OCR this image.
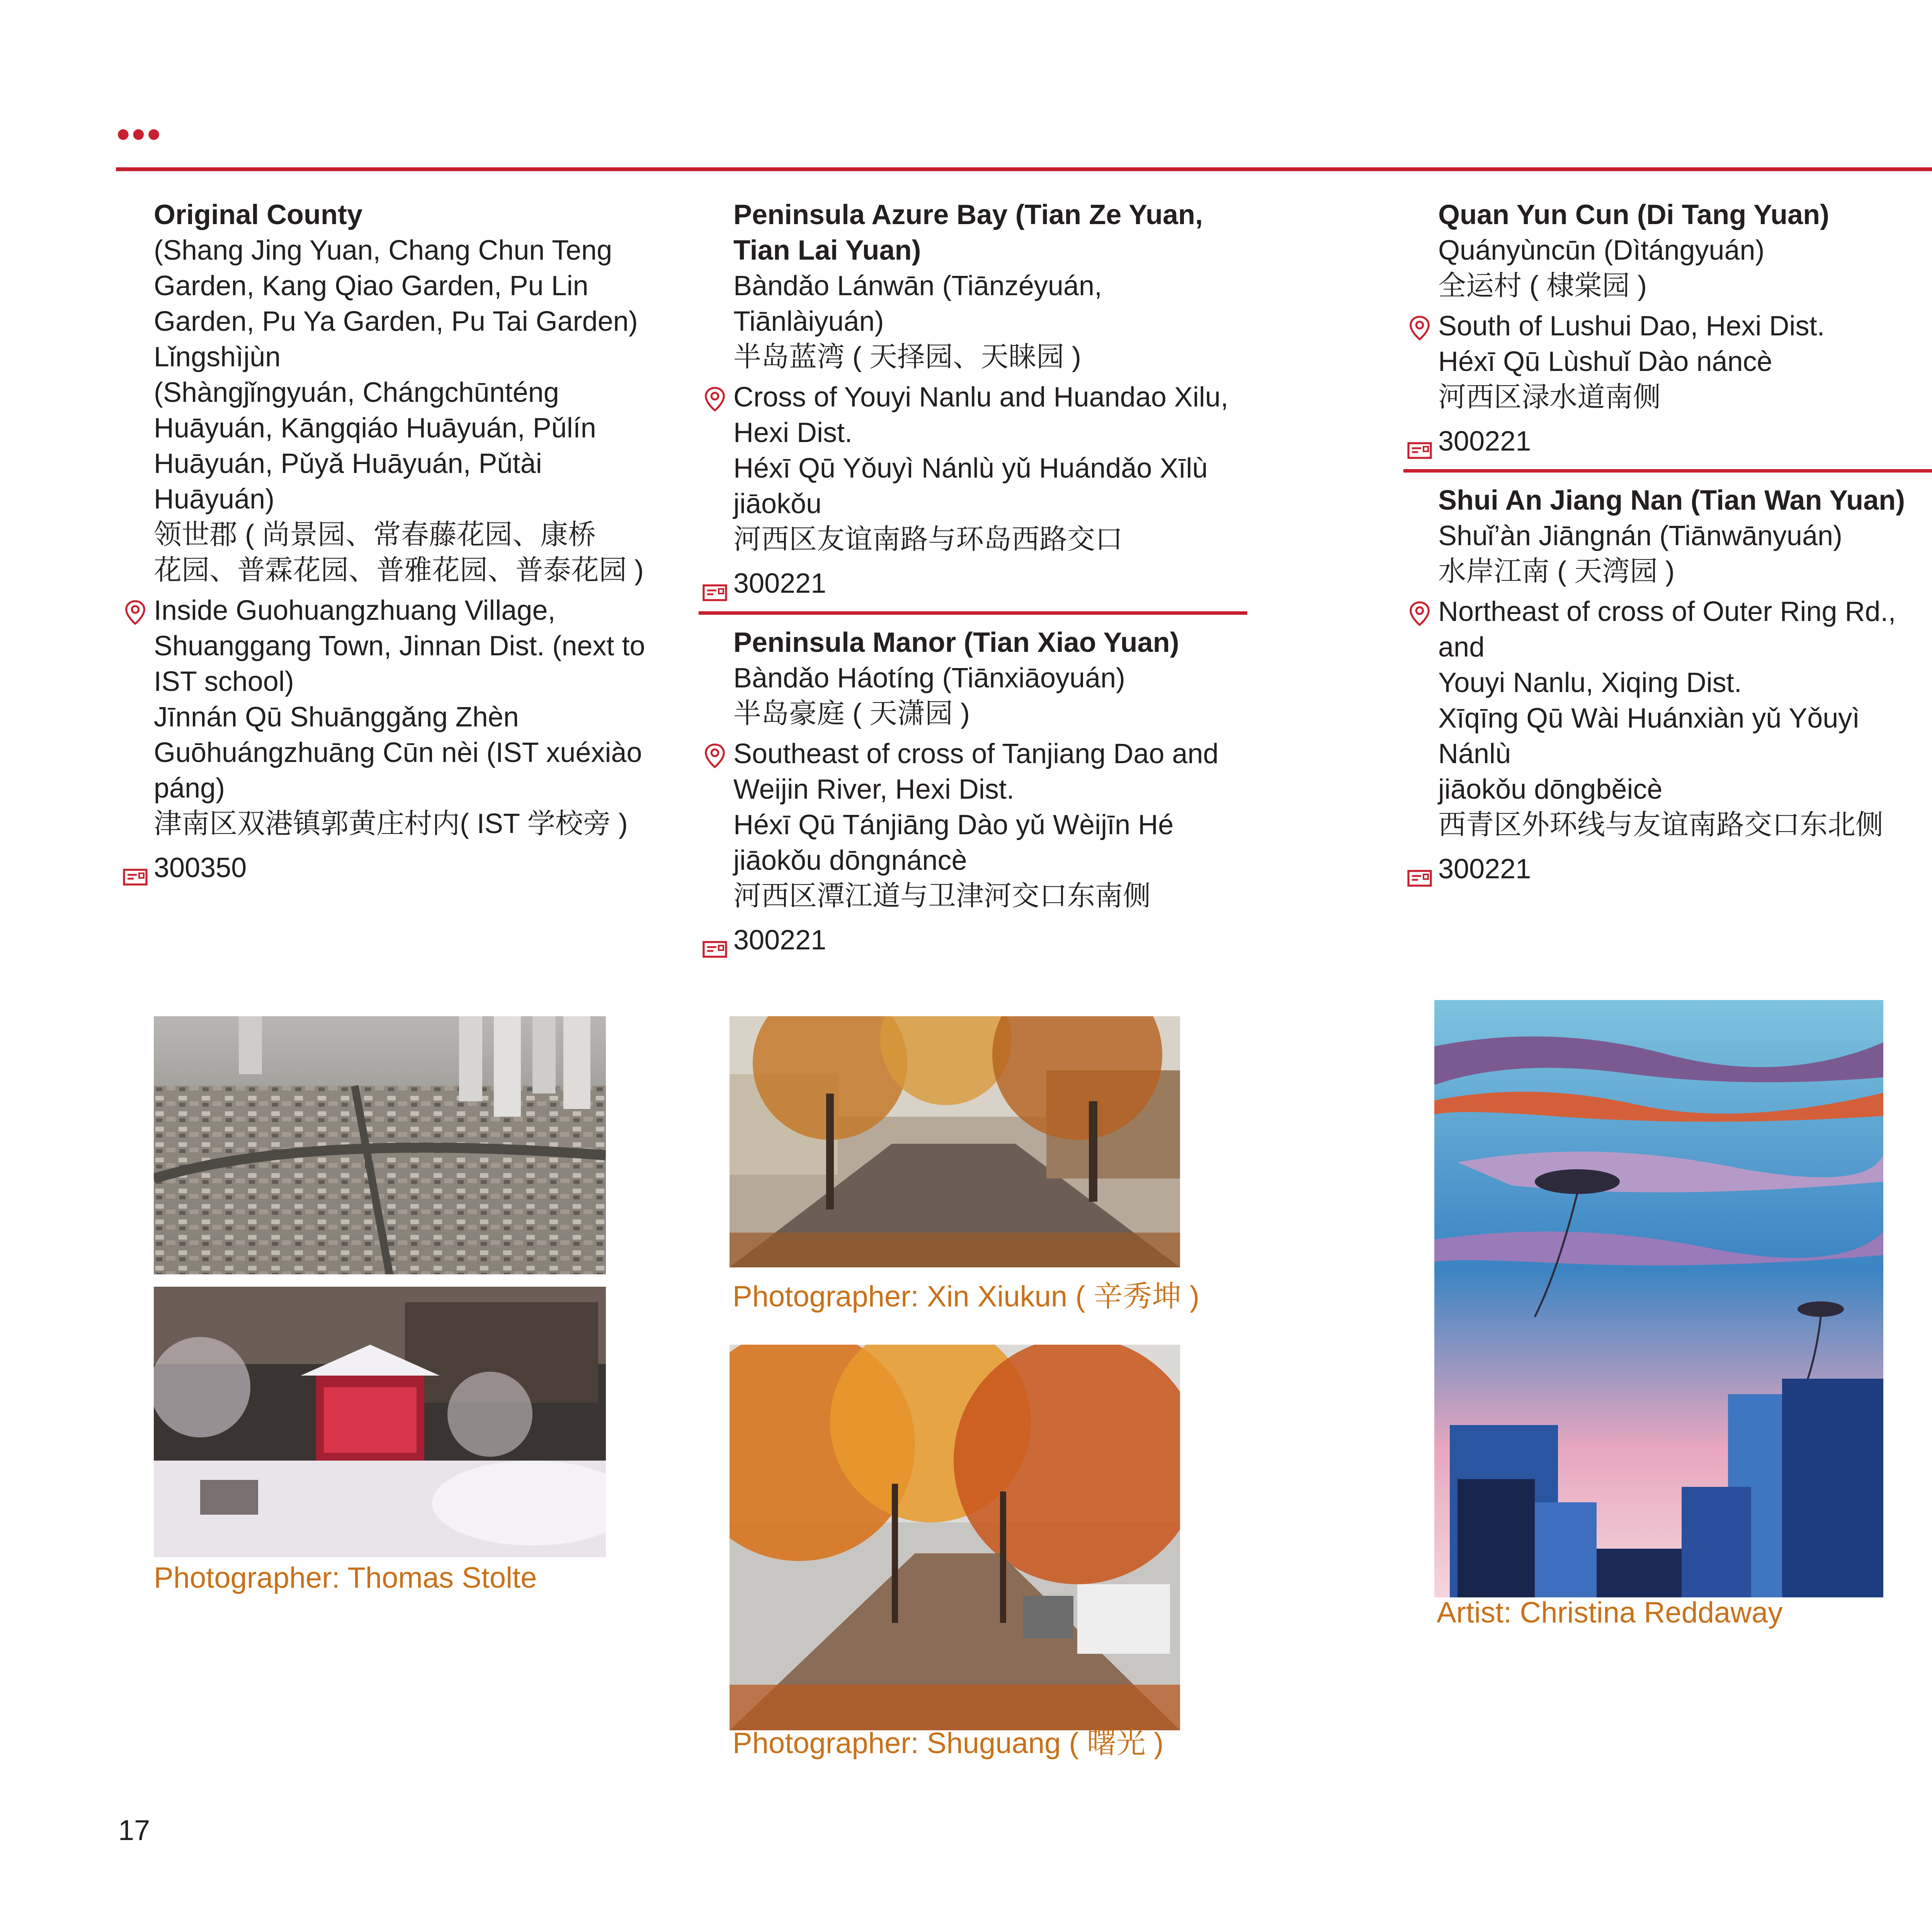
•••
Original County
(Shang Jing Yuan, Chang Chun Teng
Garden, Kang Qiao Garden, Pu Lin
Garden, Pu Ya Garden, Pu Tai Garden)
Lǐngshìjùn
(Shàngjǐngyuán, Chángchūnténg
Huāyuán, Kāngqiáo Huāyuán, Pǔlín
Huāyuán, Pǔyǎ Huāyuán, Pǔtài
Huāyuán)
领世郡 ( 尚景园、常春藤花园、康桥
花园、普霖花园、普雅花园、普泰花园 )
Inside Guohuangzhuang Village,
Shuanggang Town, Jinnan Dist. (next to
IST school)
Jīnnán Qū Shuānggǎng Zhèn
Guōhuángzhuāng Cūn nèi (IST xuéxiào
páng)
津南区双港镇郭黄庄村内( IST 学校旁 )
300350
Peninsula Azure Bay (Tian Ze Yuan,
Tian Lai Yuan)
Bàndǎo Lánwān (Tiānzéyuán,
Tiānlàiyuán)
半岛蓝湾 ( 天择园、天睐园 )
Cross of Youyi Nanlu and Huandao Xilu,
Hexi Dist.
Héxī Qū Yǒuyì Nánlù yǔ Huándǎo Xīlù
jiāokǒu
河西区友谊南路与环岛西路交口
300221
Peninsula Manor (Tian Xiao Yuan)
Bàndǎo Háotíng (Tiānxiāoyuán)
半岛豪庭 ( 天潇园 )
Southeast of cross of Tanjiang Dao and
Weijin River, Hexi Dist.
Héxī Qū Tánjiāng Dào yǔ Wèijīn Hé
jiāokǒu dōngnáncè
河西区潭江道与卫津河交口东南侧
300221
Quan Yun Cun (Di Tang Yuan)
Quányùncūn (Dìtángyuán)
全运村 ( 棣棠园 )
South of Lushui Dao, Hexi Dist.
Héxī Qū Lùshuǐ Dào náncè
河西区渌水道南侧
300221
Shui An Jiang Nan (Tian Wan Yuan)
Shuǐ’àn Jiāngnán (Tiānwānyuán)
水岸江南 ( 天湾园 )
Northeast of cross of Outer Ring Rd., and
Youyi Nanlu, Xiqing Dist.
Xīqīng Qū Wài Huánxiàn yǔ Yǒuyì Nánlù
jiāokǒu dōngběicè
西青区外环线与友谊南路交口东北侧
300221
Photographer: Xin Xiukun ( 辛秀坤 )
Photographer: Thomas Stolte
Photographer: Shuguang ( 曙光 )
Artist: Christina Reddaway
17
